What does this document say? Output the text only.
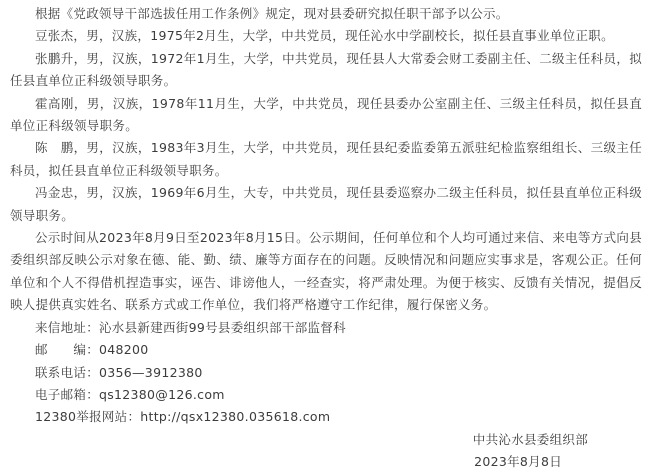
根据《党政领导干部选拔任用工作条例》规定，现对县委研究拟任职干部予以公示。

豆张杰，男，汉族，1975年2月生，大学，中共党员，现任沁水中学副校长，拟任县直事业单位正职。

张鹏升，男，汉族，1972年1月生，大学，中共党员，现任县人大常委会财工委副主任、二级主任科员，拟任县直单位正科级领导职务。

霍高刚，男，汉族，1978年11月生，大学，中共党员，现任县委办公室副主任、三级主任科员，拟任县直单位正科级领导职务。

陈　鹏，男，汉族，1983年3月生，大学，中共党员，现任县纪委监委第五派驻纪检监察组组长、三级主任科员，拟任县直单位正科级领导职务。

冯金忠，男，汉族，1969年6月生，大专，中共党员，现任县委巡察办二级主任科员，拟任县直单位正科级领导职务。

公示时间从2023年8月9日至2023年8月15日。公示期间，任何单位和个人均可通过来信、来电等方式向县委组织部反映公示对象在德、能、勤、绩、廉等方面存在的问题。反映情况和问题应实事求是，客观公正。任何单位和个人不得借机捏造事实，诬告、诽谤他人，一经查实，将严肃处理。为便于核实、反馈有关情况，提倡反映人提供真实姓名、联系方式或工作单位，我们将严格遵守工作纪律，履行保密义务。

来信地址：沁水县新建西街99号县委组织部干部监督科

邮　　编：048200

联系电话：0356—3912380

电子邮箱：qs12380@126.com

12380举报网站：http://qsx12380.035618.com

中共沁水县委组织部

2023年8月8日
